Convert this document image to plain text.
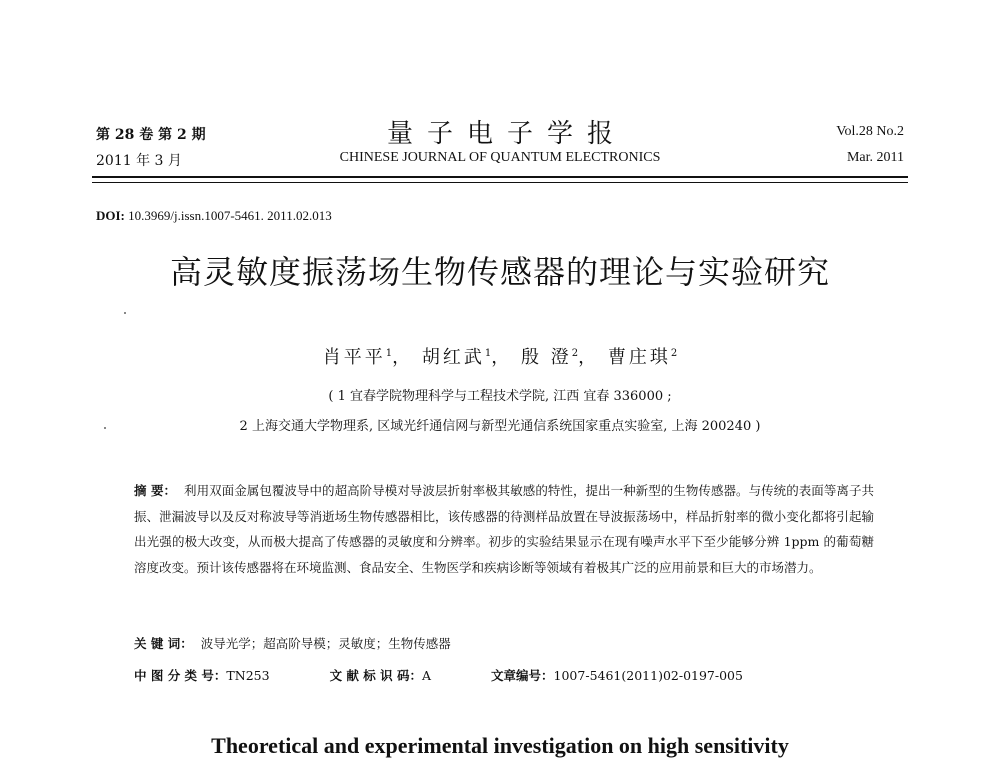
第 28 卷 第 2 期
2011 年 3 月
量子电子学报
CHINESE JOURNAL OF QUANTUM ELECTRONICS
Vol.28 No.2
Mar. 2011
DOI: 10.3969/j.issn.1007-5461. 2011.02.013
高灵敏度振荡场生物传感器的理论与实验研究
肖平平$^1$， 胡红武$^1$， 殷 澄$^2$， 曹庄琪$^2$
( 1 宜春学院物理科学与工程技术学院, 江西 宜春 336000 ;
2 上海交通大学物理系, 区域光纤通信网与新型光通信系统国家重点实验室, 上海 200240 )
摘 要： 利用双面金属包覆波导中的超高阶导模对导波层折射率极其敏感的特性，提出一种新型的生物传感器。与传统的表面等离子共振、泄漏波导以及反对称波导等消逝场生物传感器相比，该传感器的待测样品放置在导波振荡场中，样品折射率的微小变化都将引起输出光强的极大改变，从而极大提高了传感器的灵敏度和分辨率。初步的实验结果显示在现有噪声水平下至少能够分辨 1ppm 的葡萄糖溶度改变。预计该传感器将在环境监测、食品安全、生物医学和疾病诊断等领域有着极其广泛的应用前景和巨大的市场潜力。
关 键 词： 波导光学；超高阶导模；灵敏度；生物传感器
中 图 分 类 号：TN253	文 献 标 识 码：A	文章编号：1007-5461(2011)02-0197-005
Theoretical and experimental investigation on high sensitivity
